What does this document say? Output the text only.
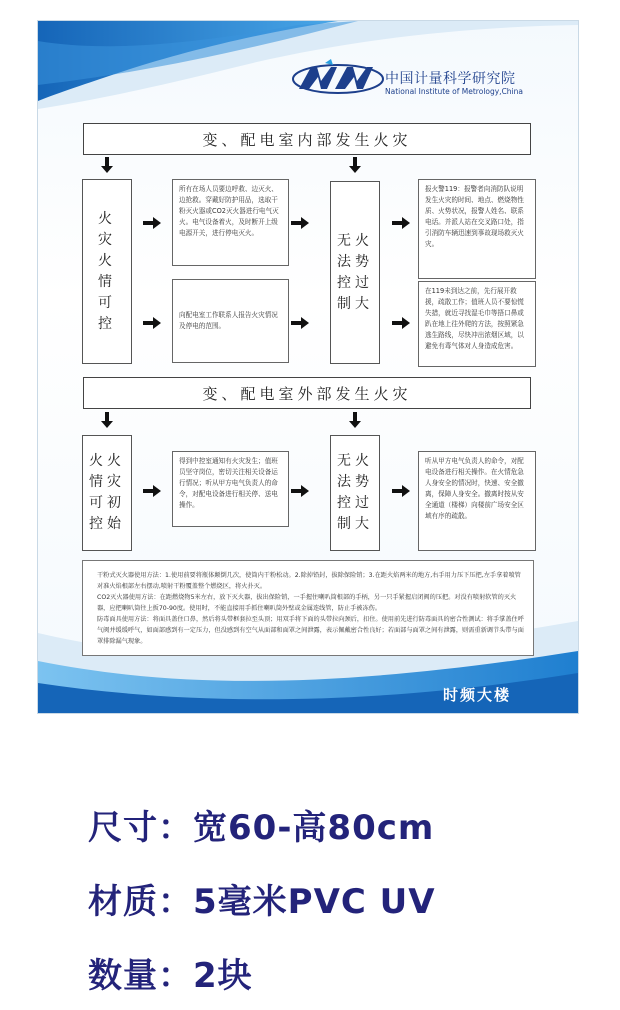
中国计量科学研究院
National Institute of Metrology,China
变、配电室内部发生火灾
火灾火情可控
所有在场人员要边呼救、边灭火、边抢救。穿戴好防护用品，选取干粉灭火器或CO2灭火器进行电气灭火。电气设备着火，及时断开上级电源开关，进行停电灭火。
向配电室工作联系人报告火灾情况及停电的范围。
无火法势控过制大
报火警119：报警者向消防队说明发生火灾的时间、地点、燃烧物性质、火势状况，报警人姓名、联系电话。并派人站在交叉路口处，指引消防车辆迅速到事故现场救灭火灾。
在119未到达之前，先行展开救援，疏散工作；值班人员不要惊慌失措，就近寻找湿毛巾等捂口鼻或趴在地上往外爬的方法，按照紧急逃生路线，尽快冲出浓烟区域，以避免有毒气体对人身造成危害。
变、配电室外部发生火灾
火火情灾可初控始
得到中控室通知有火灾发生；值班员坚守岗位，密切关注相关设备运行情况；听从甲方电气负责人的命令，对配电设备进行相关停、送电操作。
无火法势控过制大
听从甲方电气负责人的命令，对配电设备进行相关操作。在火情危急人身安全的情况时，快速、安全撤离，保障人身安全。撤离时按从安全通道（楼梯）向楼前广场安全区域有序的疏散。
干粉式灭火器使用方法：1.使用前要将瓶体颠倒几次，使筒内干粉松动。2.除掉铅封，拔除保险销；3.在距火焰两米的地方,右手用力压下压把,左手拿着喷管对准火焰根部左右摆动,喷射干粉覆盖整个燃烧区，将火扑灭。
CO2灭火器使用方法：在距燃烧物5米左右，放下灭火器，拔出保险销，一手握住喇叭筒根部的手柄，另一只手紧握启闭阀的压把。对没有喷射软管的灭火器，应把喇叭筒往上扳70-90度。使用时，不能直接用手抓住喇叭筒外壁或金属连线管，防止手被冻伤。
防毒面具使用方法：将面具盖住口鼻，然后将头带框套拉至头顶；用双手将下面的头带拉向颈后，扣住。使用前先进行防毒面具的密合性测试：将手掌盖住呼气阀并缓缓呼气，如面部感到有一定压力，但没感到有空气从面部和面罩之间泄露，表示佩戴密合性良好；若面部与面罩之间有泄露，则需重新调节头带与面罩排除漏气现象。
时频大楼
尺寸：宽60-高80cm
材质：5毫米PVC UV
数量：2块
